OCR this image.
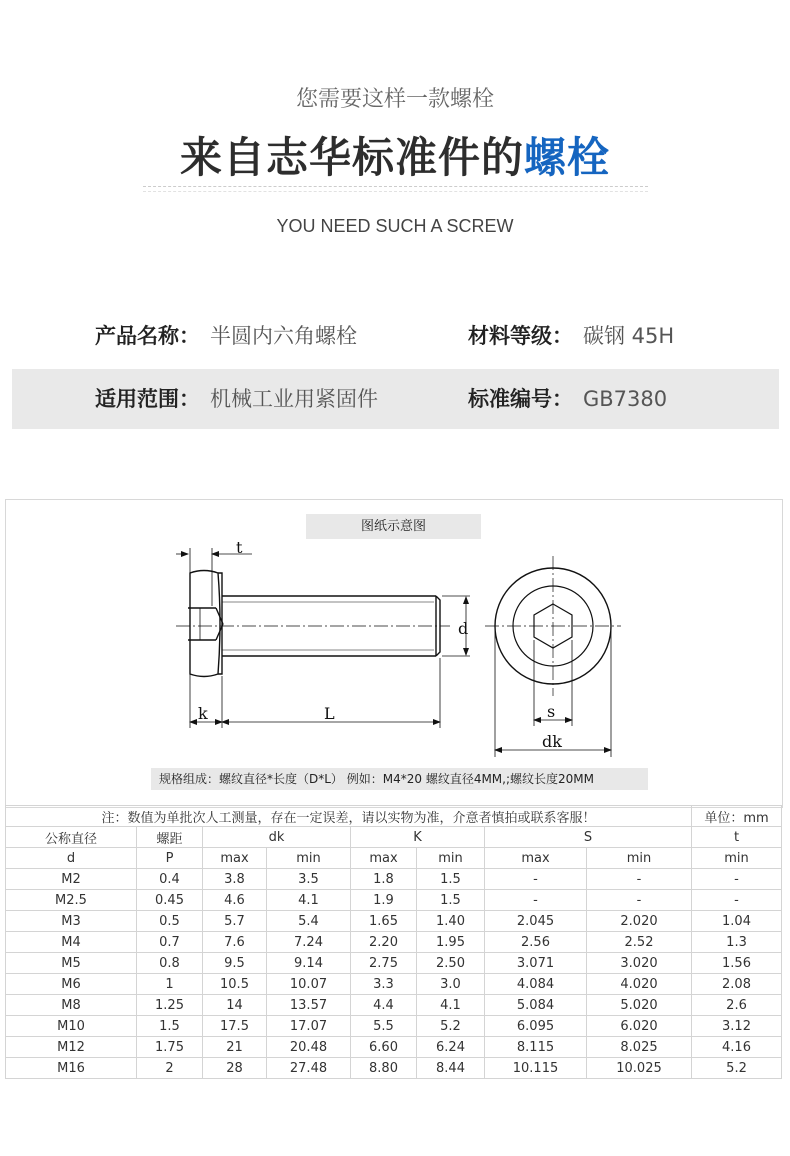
您需要这样一款螺栓
来自志华标准件的螺栓
YOU NEED SUCH A SCREW
产品名称： 半圆内六角螺栓	材料等级： 碳钢 45H
适用范围： 机械工业用紧固件	标准编号： GB7380
图纸示意图
t
d
k	L	s
dk
规格组成：螺纹直径*长度（D*L） 例如：M4*20 螺纹直径4MM,;螺纹长度20MM
注：数值为单批次人工测量，存在一定误差，请以实物为准，介意者慎拍或联系客服！								单位：mm
公称直径	螺距	dk		K		S		t
d	P	max	min	max	min	max	min	min
M2	0.4	3.8	3.5	1.8	1.5	-	-	-
M2.5	0.45	4.6	4.1	1.9	1.5	-	-	-
M3	0.5	5.7	5.4	1.65	1.40	2.045	2.020	1.04
M4	0.7	7.6	7.24	2.20	1.95	2.56	2.52	1.3
M5	0.8	9.5	9.14	2.75	2.50	3.071	3.020	1.56
M6	1	10.5	10.07	3.3	3.0	4.084	4.020	2.08
M8	1.25	14	13.57	4.4	4.1	5.084	5.020	2.6
M10	1.5	17.5	17.07	5.5	5.2	6.095	6.020	3.12
M12	1.75	21	20.48	6.60	6.24	8.115	8.025	4.16
M16	2	28	27.48	8.80	8.44	10.115	10.025	5.2
